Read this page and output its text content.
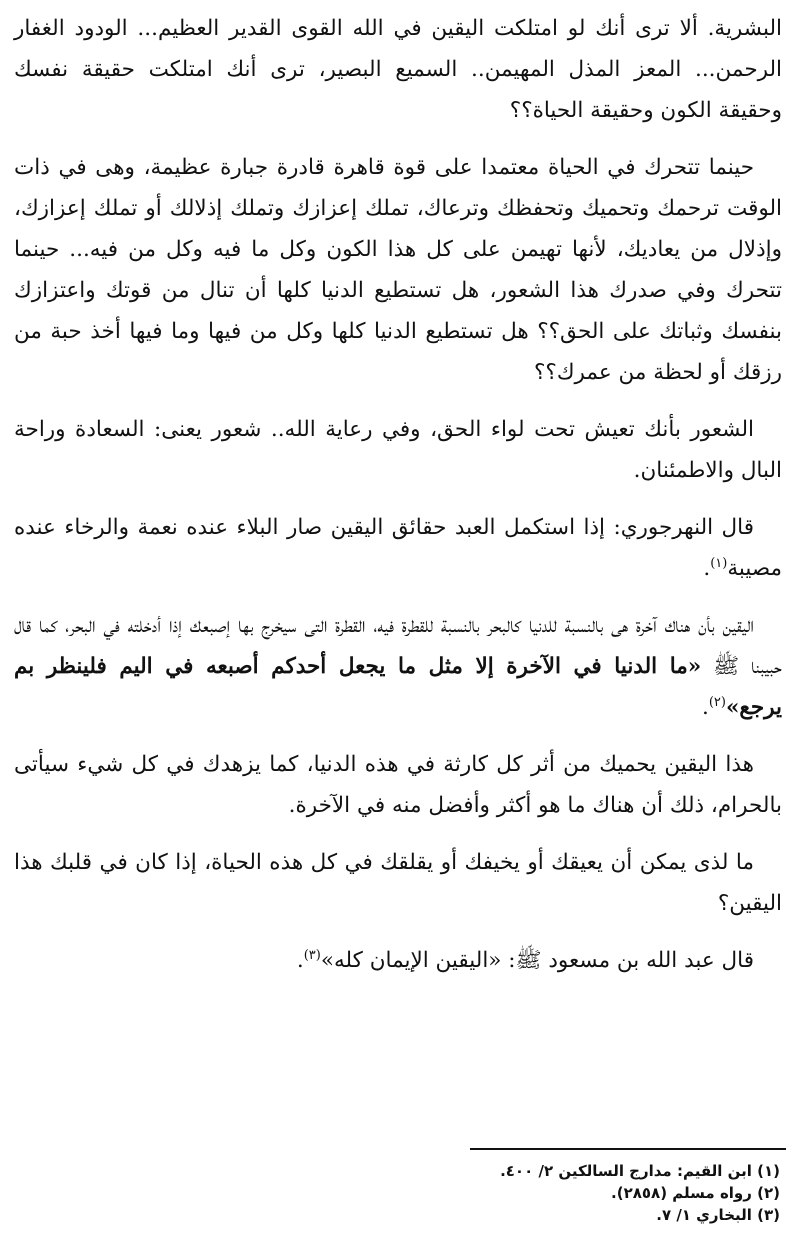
البشرية. ألا ترى أنك لو امتلكت اليقين في الله القوى القدير العظيم... الودود الغفار الرحمن... المعز المذل المهيمن.. السميع البصير، ترى أنك امتلكت حقيقة نفسك وحقيقة الكون وحقيقة الحياة؟؟

حينما تتحرك في الحياة معتمدا على قوة قاهرة قادرة جبارة عظيمة، وهى في ذات الوقت ترحمك وتحميك وتحفظك وترعاك، تملك إعزازك وتملك إذلالك أو تملك إعزازك، وإذلال من يعاديك، لأنها تهيمن على كل هذا الكون وكل ما فيه وكل من فيه... حينما تتحرك وفي صدرك هذا الشعور، هل تستطيع الدنيا كلها أن تنال من قوتك واعتزازك بنفسك وثباتك على الحق؟؟ هل تستطيع الدنيا كلها وكل من فيها وما فيها أخذ حبة من رزقك أو لحظة من عمرك؟؟

الشعور بأنك تعيش تحت لواء الحق، وفي رعاية الله.. شعور يعنى: السعادة وراحة البال والاطمئنان.

قال النهرجوري: إذا استكمل العبد حقائق اليقين صار البلاء عنده نعمة والرخاء عنده مصيبة$^{(١)}$.

اليقين بأن هناك آخرة هى بالنسبة للدنيا كالبحر بالنسبة للقطرة فيه، القطرة التى سيخرج بها إصبعك إذا أدخلته في البحر، كما قال حبيبنا ﷺ «ما الدنيا في الآخرة إلا مثل ما يجعل أحدكم أصبعه في اليم فلينظر بم يرجع»$^{(٢)}$.

هذا اليقين يحميك من أثر كل كارثة في هذه الدنيا، كما يزهدك في كل شيء سيأتى بالحرام، ذلك أن هناك ما هو أكثر وأفضل منه في الآخرة.

ما لذى يمكن أن يعيقك أو يخيفك أو يقلقك في كل هذه الحياة، إذا كان في قلبك هذا اليقين؟

قال عبد الله بن مسعود ﷺ: «اليقين الإيمان كله»$^{(٣)}$.

(١) ابن القيم: مدارج السالكين ٢/ ٤٠٠.
(٢) رواه مسلم (٢٨٥٨).
(٣) البخاري ١/ ٧.
